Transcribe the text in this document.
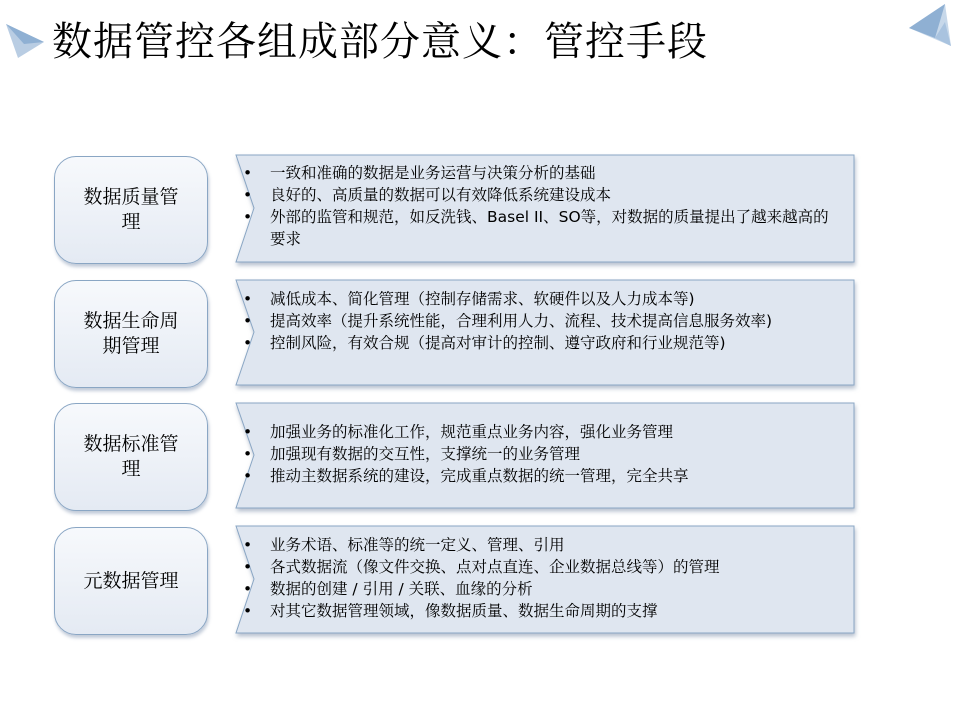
数据管控各组成部分意义：管控手段
数据质量管理
• 一致和准确的数据是业务运营与决策分析的基础
• 良好的、高质量的数据可以有效降低系统建设成本
• 外部的监管和规范，如反洗钱、Basel II、SO等，对数据的质量提出了越来越高的要求
数据生命周期管理
• 减低成本、简化管理（控制存储需求、软硬件以及人力成本等)
• 提高效率（提升系统性能，合理利用人力、流程、技术提高信息服务效率)
• 控制风险，有效合规（提高对审计的控制、遵守政府和行业规范等)
数据标准管理
• 加强业务的标准化工作，规范重点业务内容，强化业务管理
• 加强现有数据的交互性，支撑统一的业务管理
• 推动主数据系统的建设，完成重点数据的统一管理，完全共享
元数据管理
• 业务术语、标准等的统一定义、管理、引用
• 各式数据流（像文件交换、点对点直连、企业数据总线等）的管理
• 数据的创建 / 引用 / 关联、血缘的分析
• 对其它数据管理领域，像数据质量、数据生命周期的支撑
